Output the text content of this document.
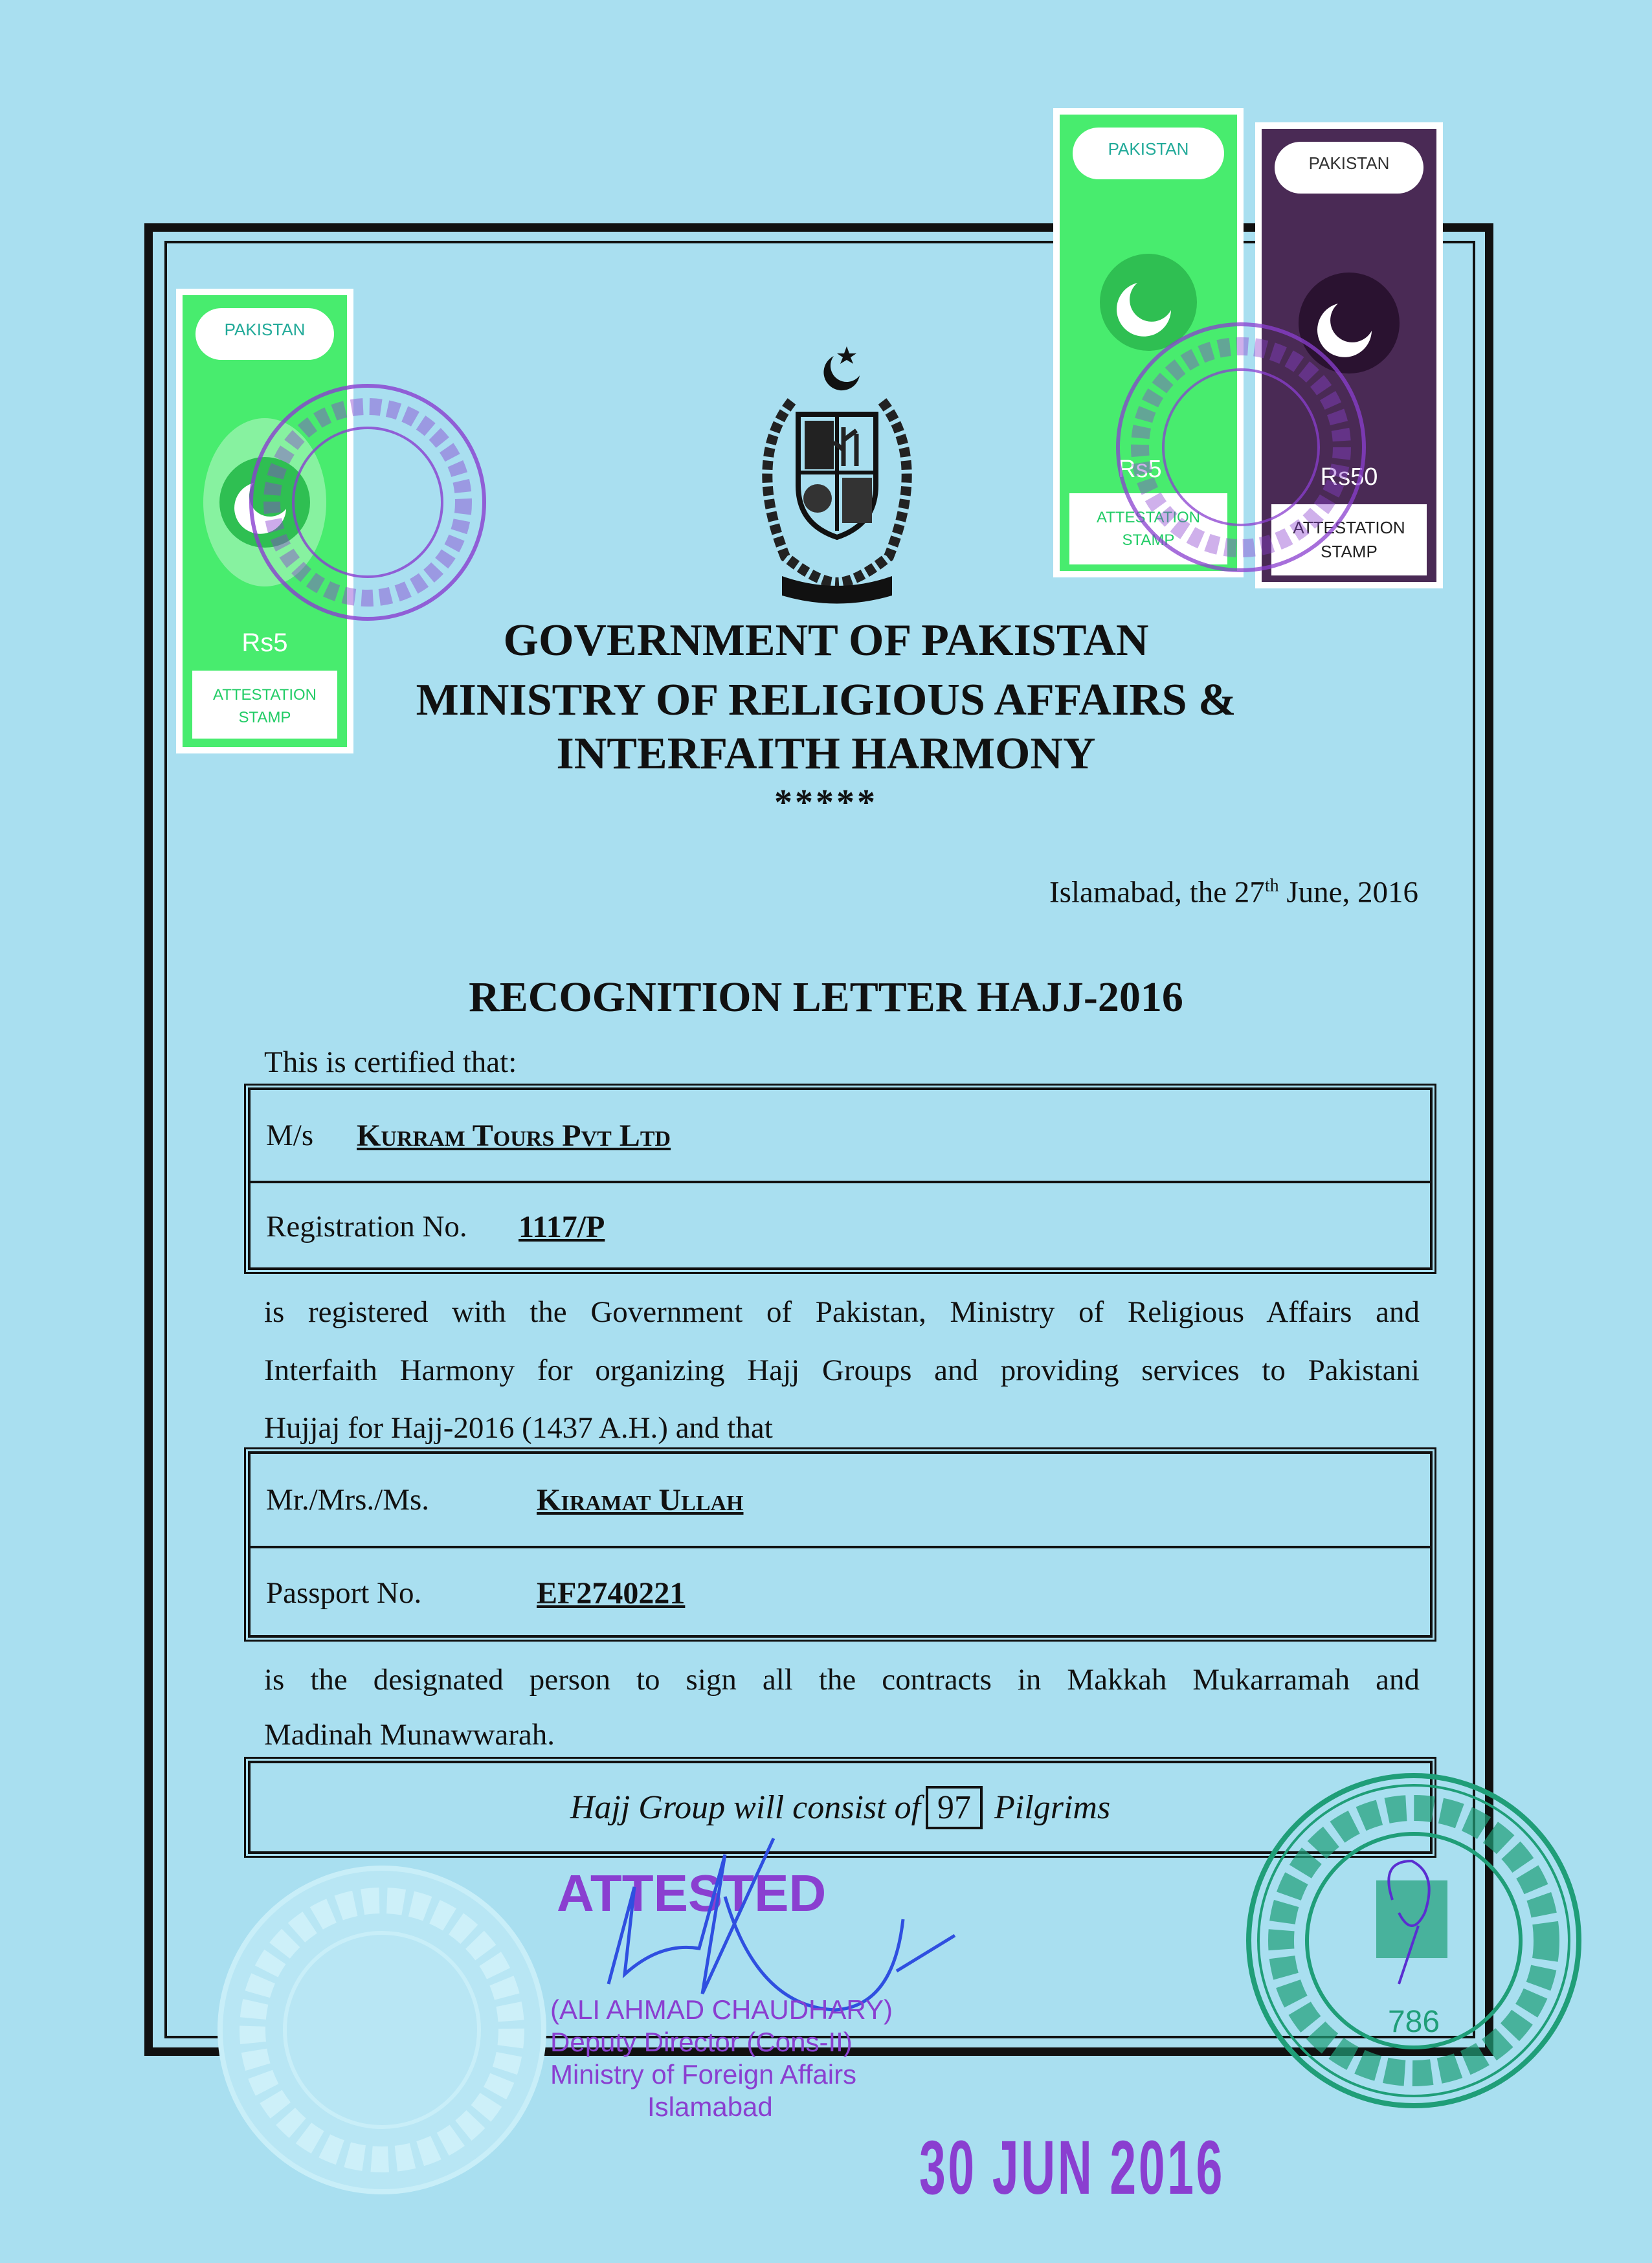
GOVERNMENT OF PAKISTAN
MINISTRY OF RELIGIOUS AFFAIRS &
INTERFAITH HARMONY
*****
Islamabad, the 27th June, 2016
RECOGNITION LETTER HAJJ-2016
This is certified that:
M/s	Kurram Tours Pvt Ltd
Registration No.	1117/P
is registered with the Government of Pakistan, Ministry of Religious Affairs and
Interfaith Harmony for organizing Hajj Groups and providing services to Pakistani
Hujjaj for Hajj-2016 (1437 A.H.) and that
Mr./Mrs./Ms.	Kiramat Ullah
Passport No.	EF2740221
is the designated person to sign all the contracts in Makkah Mukarramah and
Madinah Munawwarah.
Hajj Group will consist of 97 Pilgrims
PAKISTAN
Rs5
ATTESTATION
STAMP
PAKISTAN
Rs5
ATTESTATION
STAMP
PAKISTAN
Rs50
ATTESTATION
STAMP
786
ATTESTED
(ALI AHMAD CHAUDHARY)
Deputy Director (Cons-II)
Ministry of Foreign Affairs
Islamabad
30 JUN 2016
